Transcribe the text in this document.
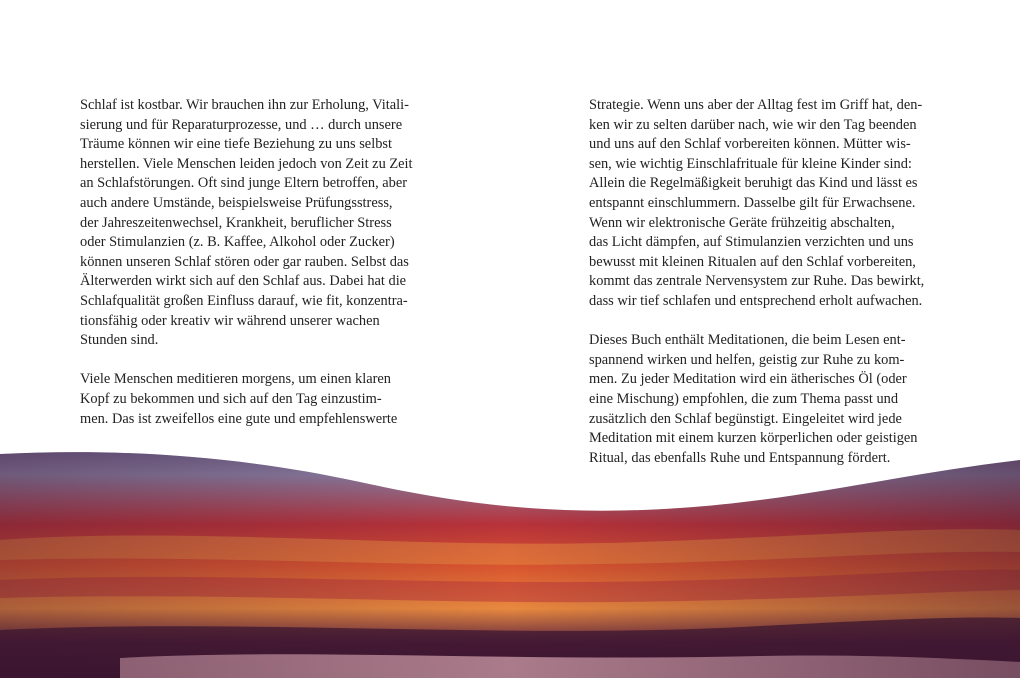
Schlaf ist kostbar. Wir brauchen ihn zur Erholung, Vitali-
sierung und für Reparaturprozesse, und … durch unsere
Träume können wir eine tiefe Beziehung zu uns selbst
herstellen. Viele Menschen leiden jedoch von Zeit zu Zeit
an Schlafstörungen. Oft sind junge Eltern betroffen, aber
auch andere Umstände, beispielsweise Prüfungsstress,
der Jahreszeitenwechsel, Krankheit, beruflicher Stress
oder Stimulanzien (z. B. Kaffee, Alkohol oder Zucker)
können unseren Schlaf stören oder gar rauben. Selbst das
Älterwerden wirkt sich auf den Schlaf aus. Dabei hat die
Schlafqualität großen Einfluss darauf, wie fit, konzentra-
tionsfähig oder kreativ wir während unserer wachen
Stunden sind.
Viele Menschen meditieren morgens, um einen klaren
Kopf zu bekommen und sich auf den Tag einzustim-
men. Das ist zweifellos eine gute und empfehlenswerte
Strategie. Wenn uns aber der Alltag fest im Griff hat, den-
ken wir zu selten darüber nach, wie wir den Tag beenden
und uns auf den Schlaf vorbereiten können. Mütter wis-
sen, wie wichtig Einschlafrituale für kleine Kinder sind:
Allein die Regelmäßigkeit beruhigt das Kind und lässt es
entspannt einschlummern. Dasselbe gilt für Erwachsene.
Wenn wir elektronische Geräte frühzeitig abschalten,
das Licht dämpfen, auf Stimulanzien verzichten und uns
bewusst mit kleinen Ritualen auf den Schlaf vorbereiten,
kommt das zentrale Nervensystem zur Ruhe. Das bewirkt,
dass wir tief schlafen und entsprechend erholt aufwachen.
Dieses Buch enthält Meditationen, die beim Lesen ent-
spannend wirken und helfen, geistig zur Ruhe zu kom-
men. Zu jeder Meditation wird ein ätherisches Öl (oder
eine Mischung) empfohlen, die zum Thema passt und
zusätzlich den Schlaf begünstigt. Eingeleitet wird jede
Meditation mit einem kurzen körperlichen oder geistigen
Ritual, das ebenfalls Ruhe und Entspannung fördert.
